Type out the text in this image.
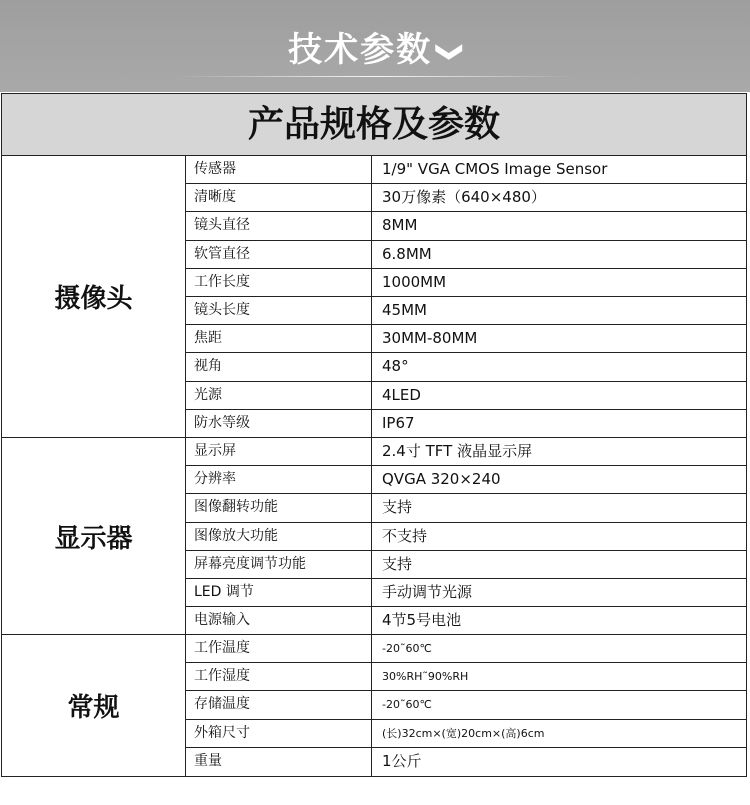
技术参数 ❯
产品规格及参数
摄像头
传感器	1/9" VGA CMOS Image Sensor
清晰度	30万像素（640×480）
镜头直径	8MM
软管直径	6.8MM
工作长度	1000MM
镜头长度	45MM
焦距	30MM-80MM
视角	48°
光源	4LED
防水等级	IP67
显示器
显示屏	2.4寸 TFT 液晶显示屏
分辨率	QVGA 320×240
图像翻转功能	支持
图像放大功能	不支持
屏幕亮度调节功能	支持
LED 调节	手动调节光源
电源输入	4节5号电池
常规
工作温度	-20˜60℃
工作湿度	30%RH˜90%RH
存储温度	-20˜60℃
外箱尺寸	(长)32cm×(宽)20cm×(高)6cm
重量	1公斤
